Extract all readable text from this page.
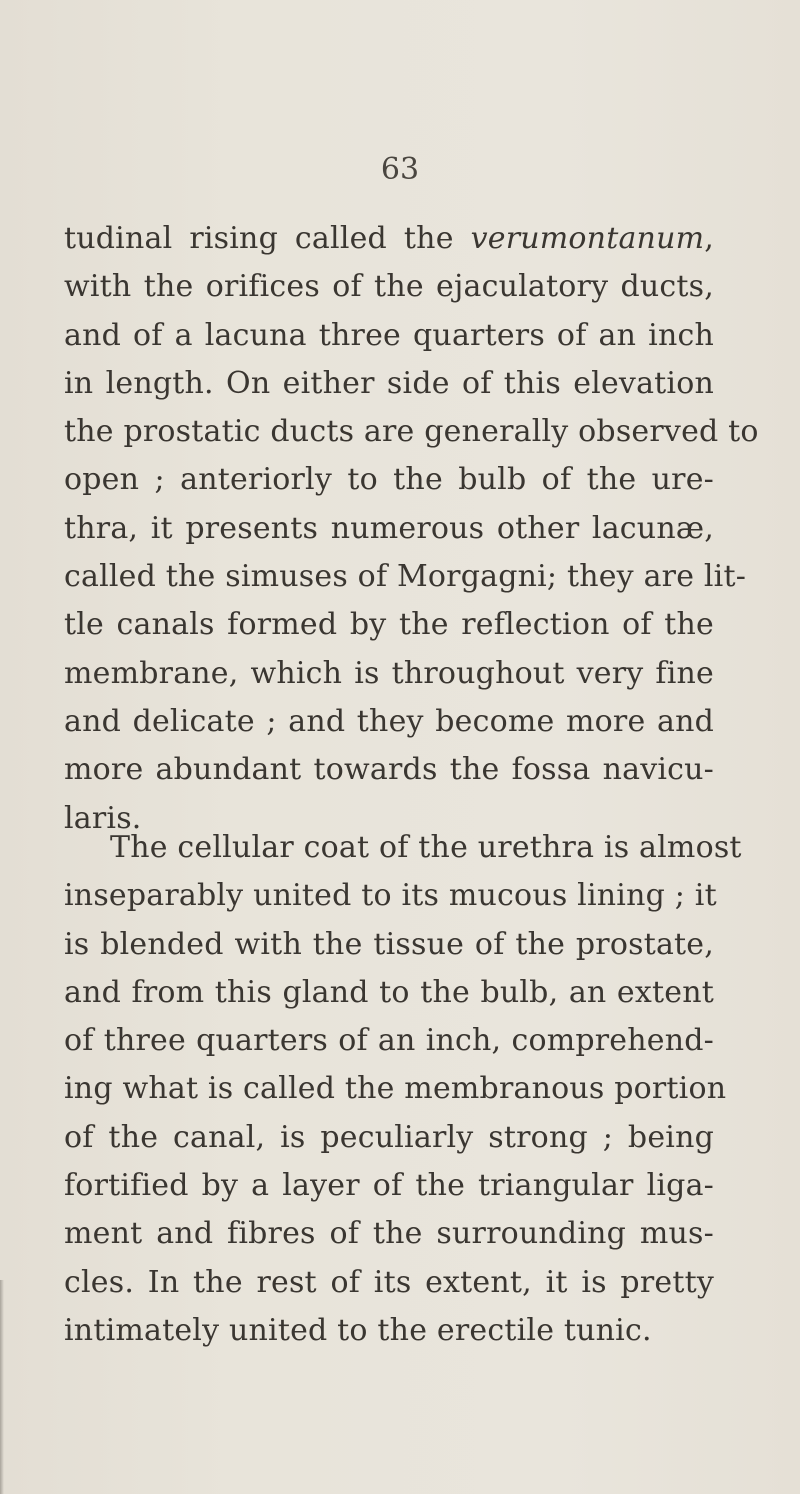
63
tudinal rising called the verumontanum,
with the orifices of the ejaculatory ducts,
and of a lacuna three quarters of an inch
in length. On either side of this elevation
the prostatic ducts are generally observed to
open ; anteriorly to the bulb of the ure-
thra, it presents numerous other lacunæ,
called the simuses of Morgagni; they are lit-
tle canals formed by the reflection of the
membrane, which is throughout very fine
and delicate ; and they become more and
more abundant towards the fossa navicu-
laris.
The cellular coat of the urethra is almost
inseparably united to its mucous lining ; it
is blended with the tissue of the prostate,
and from this gland to the bulb, an extent
of three quarters of an inch, comprehend-
ing what is called the membranous portion
of the canal, is peculiarly strong ; being
fortified by a layer of the triangular liga-
ment and fibres of the surrounding mus-
cles. In the rest of its extent, it is pretty
intimately united to the erectile tunic.
